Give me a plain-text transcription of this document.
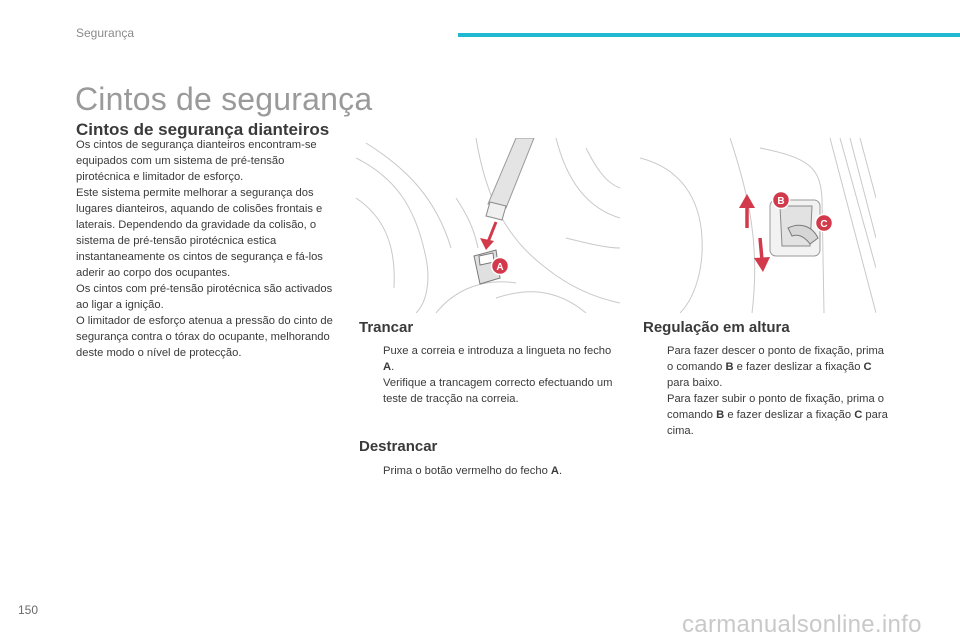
Segurança
Cintos de segurança
Cintos de segurança dianteiros

Os cintos de segurança dianteiros encontram-se equipados com um sistema de pré-tensão pirotécnica e limitador de esforço.

Este sistema permite melhorar a segurança dos lugares dianteiros, aquando de colisões frontais e laterais. Dependendo da gravidade da colisão, o sistema de pré-tensão pirotécnica estica instantaneamente os cintos de segurança e fá-los aderir ao corpo dos ocupantes.

Os cintos com pré-tensão pirotécnica são activados ao ligar a ignição.

O limitador de esforço atenua a pressão do cinto de segurança contra o tórax do ocupante, melhorando deste modo o nível de protecção.

A
B
C
Trancar
Puxe a correia e introduza a lingueta no fecho A.
Verifique a trancagem correcto efectuando um teste de tracção na correia.
Destrancar
Prima o botão vermelho do fecho A.
Regulação em altura
Para fazer descer o ponto de fixação, prima o comando B e fazer deslizar a fixação C para baixo.
Para fazer subir o ponto de fixação, prima o comando B e fazer deslizar a fixação C para cima.
150
carmanualsonline.info
